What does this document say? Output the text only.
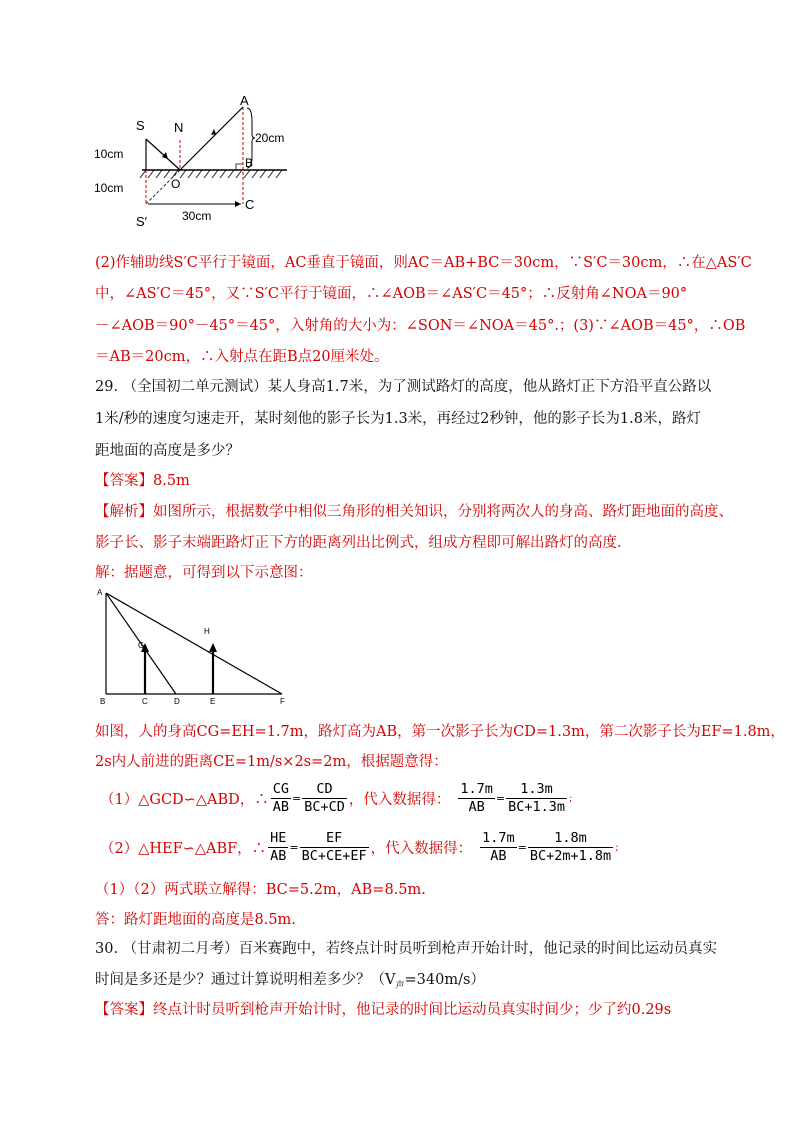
S N
A
B
O
C
S′
20cm
10cm
10cm
30cm
(2)作辅助线S′C平行于镜面，AC垂直于镜面，则AC＝AB+BC＝30cm，∵S′C＝30cm，∴在△AS′C
中，∠AS′C＝45°，又∵S′C平行于镜面，∴∠AOB＝∠AS′C＝45°；∴反射角∠NOA＝90°
－∠AOB＝90°－45°＝45°，入射角的大小为：∠SON＝∠NOA＝45°.；(3)∵∠AOB＝45°，∴OB
＝AB＝20cm，∴入射点在距B点20厘米处。
29. （全国初二单元测试）某人身高1.7米，为了测试路灯的高度，他从路灯正下方沿平直公路以
1米/秒的速度匀速走开，某时刻他的影子长为1.3米，再经过2秒钟，他的影子长为1.8米，路灯
距地面的高度是多少？
【答案】8.5m
【解析】如图所示，根据数学中相似三角形的相关知识，分别将两次人的身高、路灯距地面的高度、
影子长、影子末端距路灯正下方的距离列出比例式，组成方程即可解出路灯的高度.
解：据题意，可得到以下示意图：
A
B	C	D	E	F
G
H
如图，人的身高CG=EH=1.7m，路灯高为AB，第一次影子长为CD=1.3m，第二次影子长为EF=1.8m，
2s内人前进的距离CE=1m/s×2s=2m，根据题意得：
（1）△GCD∽△ABD，∴ $\frac{CG}{AB} = \frac{CD}{BC+CD}$ ，代入数据得： $\frac{1.7m}{AB} = \frac{1.3m}{BC+1.3m}$ ;
（2）△HEF∽△ABF，∴ $\frac{HE}{AB} = \frac{EF}{BC+CE+EF}$ ，代入数据得： $\frac{1.7m}{AB} = \frac{1.8m}{BC+2m+1.8m}$ ;
（1）（2）两式联立解得：BC=5.2m，AB=8.5m.
答：路灯距地面的高度是8.5m.
30. （甘肃初二月考）百米赛跑中，若终点计时员听到枪声开始计时，他记录的时间比运动员真实
时间是多还是少？通过计算说明相差多少？$(V_声=340m/s)$
【答案】终点计时员听到枪声开始计时，他记录的时间比运动员真实时间少；少了约0.29s
